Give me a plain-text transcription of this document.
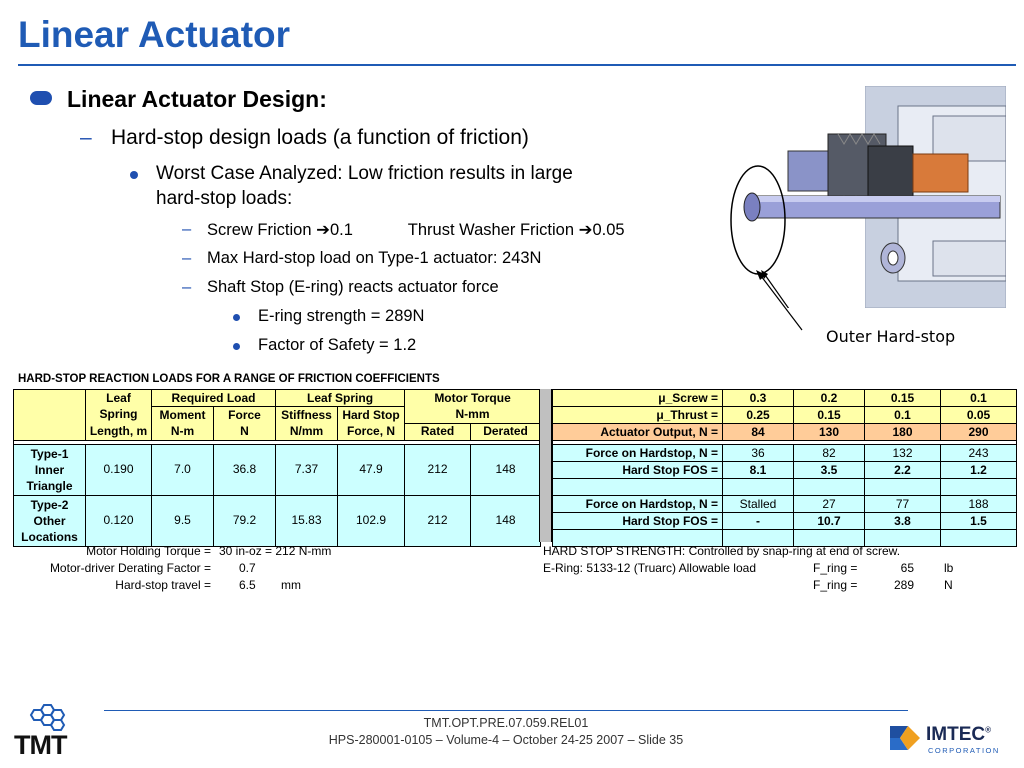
Linear Actuator
Linear Actuator Design:
– Hard-stop design loads (a function of friction)
Worst Case Analyzed: Low friction results in large
hard-stop loads:
– Screw Friction ➔0.1	Thrust Washer Friction ➔0.05
– Max Hard-stop load on Type-1 actuator: 243N
– Shaft Stop (E-ring) reacts actuator force
E-ring strength = 289N
Factor of Safety = 1.2	Outer Hard-stop
HARD-STOP REACTION LOADS FOR A RANGE OF FRICTION COEFFICIENTS
	Leaf	Required Load		Leaf Spring		Motor Torque	
	Spring	Moment	Force	Stiffness	Hard Stop	N-mm	
	Length, m	N-m	N	N/mm	Force, N	Rated	Derated

Type-1
Inner
Triangle	0.190	7.0	36.8	7.37	47.9	212	148
Type-2
Other
Locations	0.120	9.5	79.2	15.83	102.9	212	148
μ_Screw =	0.3	0.2	0.15	0.1
μ_Thrust =	0.25	0.15	0.1	0.05
Actuator Output, N =	84	130	180	290

Force on Hardstop, N =	36	82	132	243
Hard Stop FOS =	8.1	3.5	2.2	1.2

Force on Hardstop, N =	Stalled	27	77	188
Hard Stop FOS =	-	10.7	3.8	1.5

Motor Holding Torque = 30 in-oz = 212 N-mm
Motor-driver Derating Factor = 0.7
Hard-stop travel = 6.5 mm
HARD STOP STRENGTH: Controlled by snap-ring at end of screw.
E-Ring: 5133-12 (Truarc) Allowable load	F_ring =	65	lb
F_ring =	289	N
TMT.OPT.PRE.07.059.REL01
HPS-280001-0105 – Volume-4 – October 24-25 2007 – Slide 35
TMT	IMTEC®
CORPORATION
